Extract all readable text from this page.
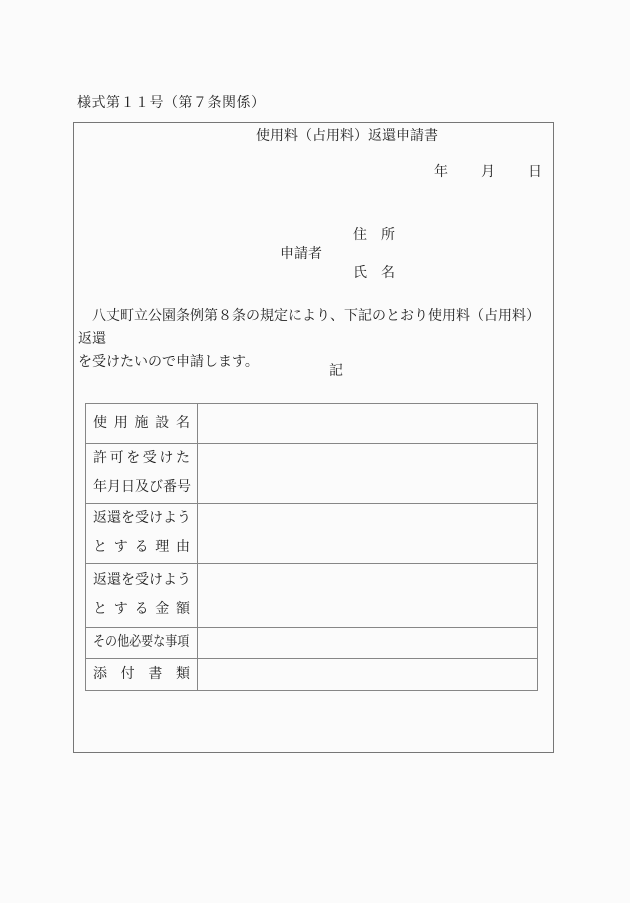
様式第１１号（第７条関係）
使用料（占用料）返還申請書
年 月 日
申請者
住　所
氏　名
八丈町立公園条例第８条の規定により、下記のとおり使用料（占用料）返還
を受けたいので申請します。
記
使 用 施 設 名	

許 可 を 受 け た
年 月 日 及 び 番 号

返 還 を 受 け よ う
と す る 理 由

返 還 を 受 け よ う
と す る 金 額

そ の 他 必 要 な 事 項

添 付 書 類	
